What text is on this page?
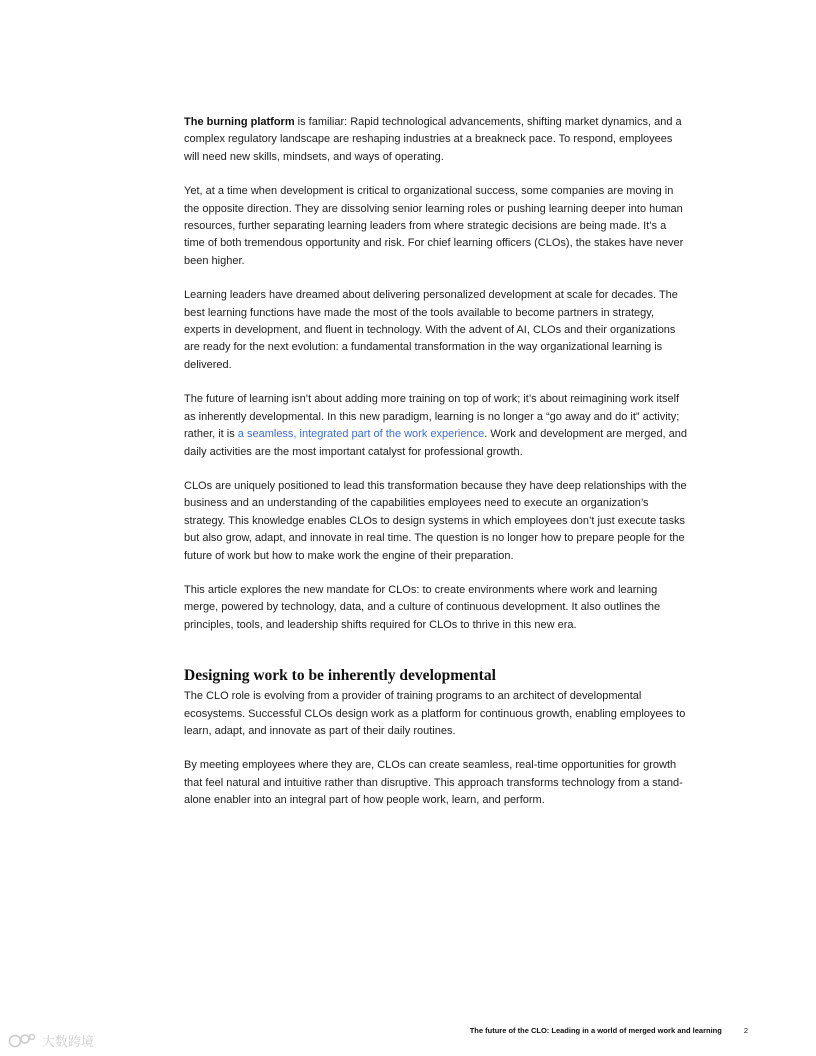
The burning platform is familiar: Rapid technological advancements, shifting market dynamics, and a complex regulatory landscape are reshaping industries at a breakneck pace. To respond, employees will need new skills, mindsets, and ways of operating.

Yet, at a time when development is critical to organizational success, some companies are moving in the opposite direction. They are dissolving senior learning roles or pushing learning deeper into human resources, further separating learning leaders from where strategic decisions are being made. It’s a time of both tremendous opportunity and risk. For chief learning officers (CLOs), the stakes have never been higher.

Learning leaders have dreamed about delivering personalized development at scale for decades. The best learning functions have made the most of the tools available to become partners in strategy, experts in development, and fluent in technology. With the advent of AI, CLOs and their organizations are ready for the next evolution: a fundamental transformation in the way organizational learning is delivered.

The future of learning isn’t about adding more training on top of work; it’s about reimagining work itself as inherently developmental. In this new paradigm, learning is no longer a “go away and do it” activity; rather, it is a seamless, integrated part of the work experience. Work and development are merged, and daily activities are the most important catalyst for professional growth.

CLOs are uniquely positioned to lead this transformation because they have deep relationships with the business and an understanding of the capabilities employees need to execute an organization’s strategy. This knowledge enables CLOs to design systems in which employees don’t just execute tasks but also grow, adapt, and innovate in real time. The question is no longer how to prepare people for the future of work but how to make work the engine of their preparation.

This article explores the new mandate for CLOs: to create environments where work and learning merge, powered by technology, data, and a culture of continuous development. It also outlines the principles, tools, and leadership shifts required for CLOs to thrive in this new era.

Designing work to be inherently developmental

The CLO role is evolving from a provider of training programs to an architect of developmental ecosystems. Successful CLOs design work as a platform for continuous growth, enabling employees to learn, adapt, and innovate as part of their daily routines.

By meeting employees where they are, CLOs can create seamless, real-time opportunities for growth that feel natural and intuitive rather than disruptive. This approach transforms technology from a stand-alone enabler into an integral part of how people work, learn, and perform.

The future of the CLO: Leading in a world of merged work and learning	2
大数跨境
